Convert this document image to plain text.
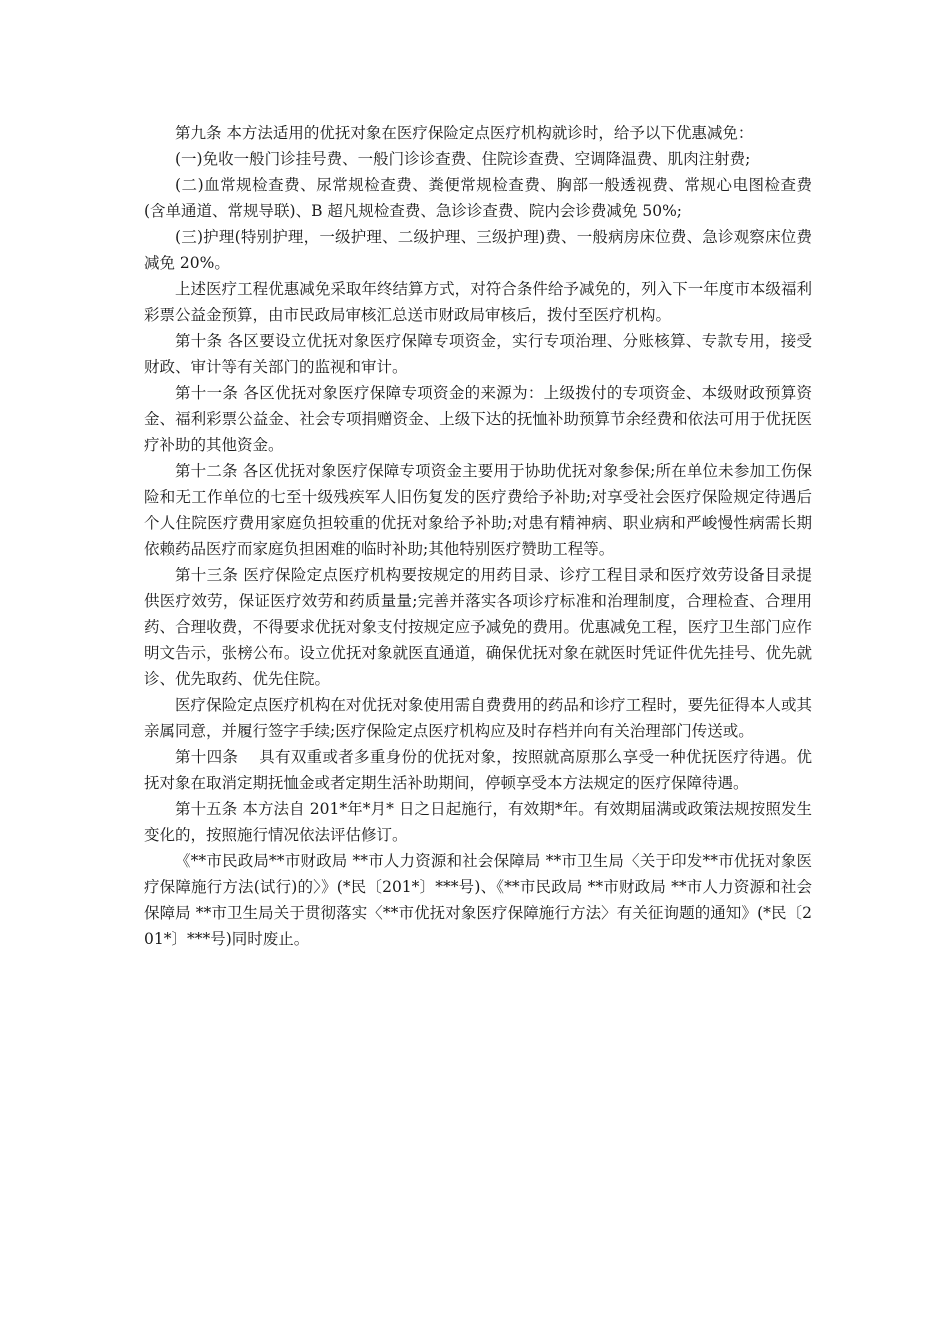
第九条 本方法适用的优抚对象在医疗保险定点医疗机构就诊时，给予以下优惠减免：

(一)免收一般门诊挂号费、一般门诊诊查费、住院诊查费、空调降温费、肌肉注射费;

(二)血常规检查费、尿常规检查费、粪便常规检查费、胸部一般透视费、常规心电图检查费(含单通道、常规导联)、B 超凡规检查费、急诊诊查费、院内会诊费减免 50%;

(三)护理(特别护理，一级护理、二级护理、三级护理)费、一般病房床位费、急诊观察床位费减免 20%。

上述医疗工程优惠减免采取年终结算方式，对符合条件给予减免的，列入下一年度市本级福利彩票公益金预算，由市民政局审核汇总送市财政局审核后，拨付至医疗机构。

第十条 各区要设立优抚对象医疗保障专项资金，实行专项治理、分账核算、专款专用，接受财政、审计等有关部门的监视和审计。

第十一条 各区优抚对象医疗保障专项资金的来源为：上级拨付的专项资金、本级财政预算资金、福利彩票公益金、社会专项捐赠资金、上级下达的抚恤补助预算节余经费和依法可用于优抚医疗补助的其他资金。

第十二条 各区优抚对象医疗保障专项资金主要用于协助优抚对象参保;所在单位未参加工伤保险和无工作单位的七至十级残疾军人旧伤复发的医疗费给予补助;对享受社会医疗保险规定待遇后个人住院医疗费用家庭负担较重的优抚对象给予补助;对患有精神病、职业病和严峻慢性病需长期依赖药品医疗而家庭负担困难的临时补助;其他特别医疗赞助工程等。

第十三条 医疗保险定点医疗机构要按规定的用药目录、诊疗工程目录和医疗效劳设备目录提供医疗效劳，保证医疗效劳和药质量量;完善并落实各项诊疗标准和治理制度，合理检查、合理用药、合理收费，不得要求优抚对象支付按规定应予减免的费用。优惠减免工程，医疗卫生部门应作明文告示，张榜公布。设立优抚对象就医直通道，确保优抚对象在就医时凭证件优先挂号、优先就诊、优先取药、优先住院。

医疗保险定点医疗机构在对优抚对象使用需自费费用的药品和诊疗工程时，要先征得本人或其亲属同意，并履行签字手续;医疗保险定点医疗机构应及时存档并向有关治理部门传送或。

第十四条　 具有双重或者多重身份的优抚对象，按照就高原那么享受一种优抚医疗待遇。优抚对象在取消定期抚恤金或者定期生活补助期间，停顿享受本方法规定的医疗保障待遇。

第十五条 本方法自 201*年*月* 日之日起施行，有效期*年。有效期届满或政策法规按照发生变化的，按照施行情况依法评估修订。

《**市民政局**市财政局 **市人力资源和社会保障局 **市卫生局〈关于印发**市优抚对象医疗保障施行方法(试行)的〉》(*民〔201*〕***号)、《**市民政局 **市财政局 **市人力资源和社会保障局 **市卫生局关于贯彻落实〈**市优抚对象医疗保障施行方法〉有关征询题的通知》(*民〔201*〕***号)同时废止。
